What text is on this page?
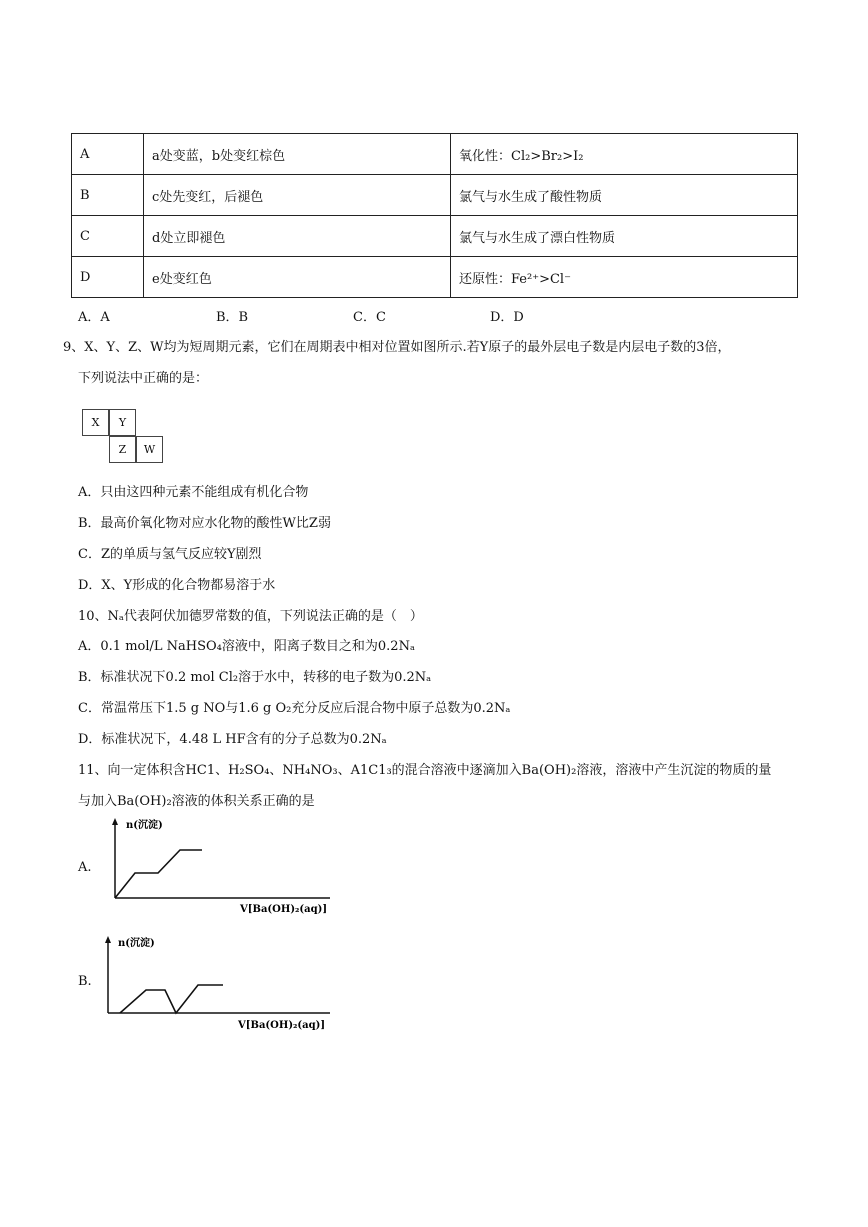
A	a处变蓝，b处变红棕色	氧化性：Cl₂>Br₂>I₂
B	c处先变红，后褪色	氯气与水生成了酸性物质
C	d处立即褪色	氯气与水生成了漂白性物质
D	e处变红色	还原性：Fe²⁺>Cl⁻
A．A	B．B	C．C	D．D
9、X、Y、Z、W均为短周期元素，它们在周期表中相对位置如图所示.若Y原子的最外层电子数是内层电子数的3倍，
下列说法中正确的是：
X	Y
Z	W
A．只由这四种元素不能组成有机化合物
B．最高价氧化物对应水化物的酸性W比Z弱
C．Z的单质与氢气反应较Y剧烈
D．X、Y形成的化合物都易溶于水
10、Nₐ代表阿伏加德罗常数的值，下列说法正确的是（　）
A．0.1 mol/L NaHSO₄溶液中，阳离子数目之和为0.2Nₐ
B．标准状况下0.2 mol Cl₂溶于水中，转移的电子数为0.2Nₐ
C．常温常压下1.5 g NO与1.6 g O₂充分反应后混合物中原子总数为0.2Nₐ
D．标准状况下，4.48 L HF含有的分子总数为0.2Nₐ
11、向一定体积含HC1、H₂SO₄、NH₄NO₃、A1C1₃的混合溶液中逐滴加入Ba(OH)₂溶液，溶液中产生沉淀的物质的量
与加入Ba(OH)₂溶液的体积关系正确的是
A.
n(沉淀)
V[Ba(OH)₂(aq)]
B.
n(沉淀)
V[Ba(OH)₂(aq)]
